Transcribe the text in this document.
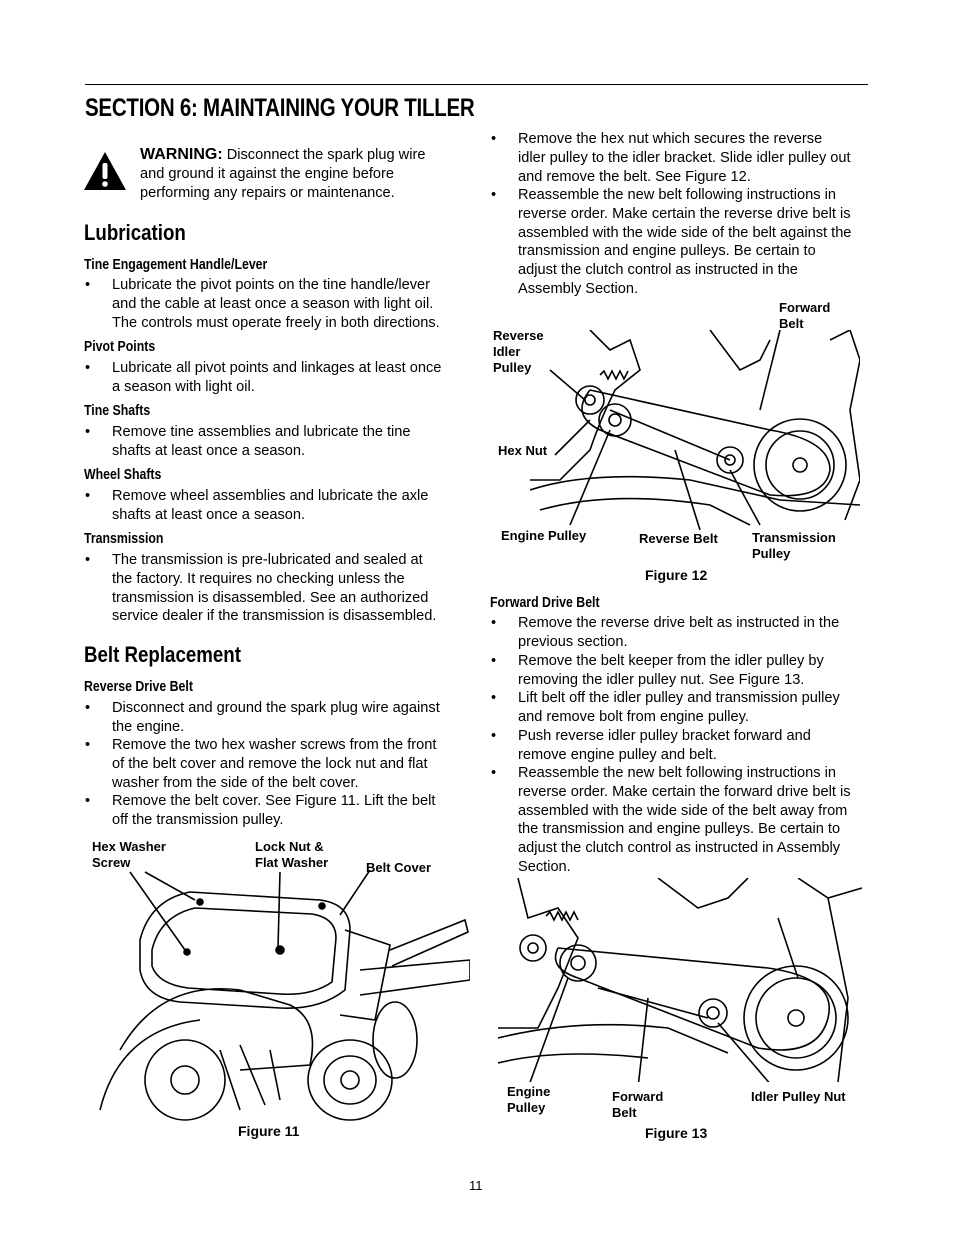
SECTION 6: MAINTAINING YOUR TILLER
WARNING: Disconnect the spark plug wire
and ground it against the engine before
performing any repairs or maintenance.
Lubrication
Tine Engagement Handle/Lever
• Lubricate the pivot points on the tine handle/lever
and the cable at least once a season with light oil.
The controls must operate freely in both directions.
Pivot Points
• Lubricate all pivot points and linkages at least once
a season with light oil.
Tine Shafts
• Remove tine assemblies and lubricate the tine
shafts at least once a season.
Wheel Shafts
• Remove wheel assemblies and lubricate the axle
shafts at least once a season.
Transmission
• The transmission is pre-lubricated and sealed at
the factory. It requires no checking unless the
transmission is disassembled. See an authorized
service dealer if the transmission is disassembled.
Belt Replacement
Reverse Drive Belt
• Disconnect and ground the spark plug wire against
the engine.
• Remove the two hex washer screws from the front
of the belt cover and remove the lock nut and flat
washer from the side of the belt cover.
• Remove the belt cover. See Figure 11. Lift the belt
off the transmission pulley.
Hex Washer
Screw
Lock Nut &
Flat Washer	Belt Cover
Figure 11
• Remove the hex nut which secures the reverse
idler pulley to the idler bracket. Slide idler pulley out
and remove the belt. See Figure 12.
• Reassemble the new belt following instructions in
reverse order. Make certain the reverse drive belt is
assembled with the wide side of the belt against the
transmission and engine pulleys. Be certain to
adjust the clutch control as instructed in the
Assembly Section.
Forward
Belt
Reverse
Idler
Pulley
Hex Nut
Engine Pulley	Reverse Belt	Transmission
Pulley
Figure 12
Forward Drive Belt
• Remove the reverse drive belt as instructed in the
previous section.
• Remove the belt keeper from the idler pulley by
removing the idler pulley nut. See Figure 13.
• Lift belt off the idler pulley and transmission pulley
and remove bolt from engine pulley.
• Push reverse idler pulley bracket forward and
remove engine pulley and belt.
• Reassemble the new belt following instructions in
reverse order. Make certain the forward drive belt is
assembled with the wide side of the belt away from
the transmission and engine pulleys. Be certain to
adjust the clutch control as instructed in Assembly
Section.
Engine
Pulley
Forward
Belt
Idler Pulley Nut
Figure 13
11
